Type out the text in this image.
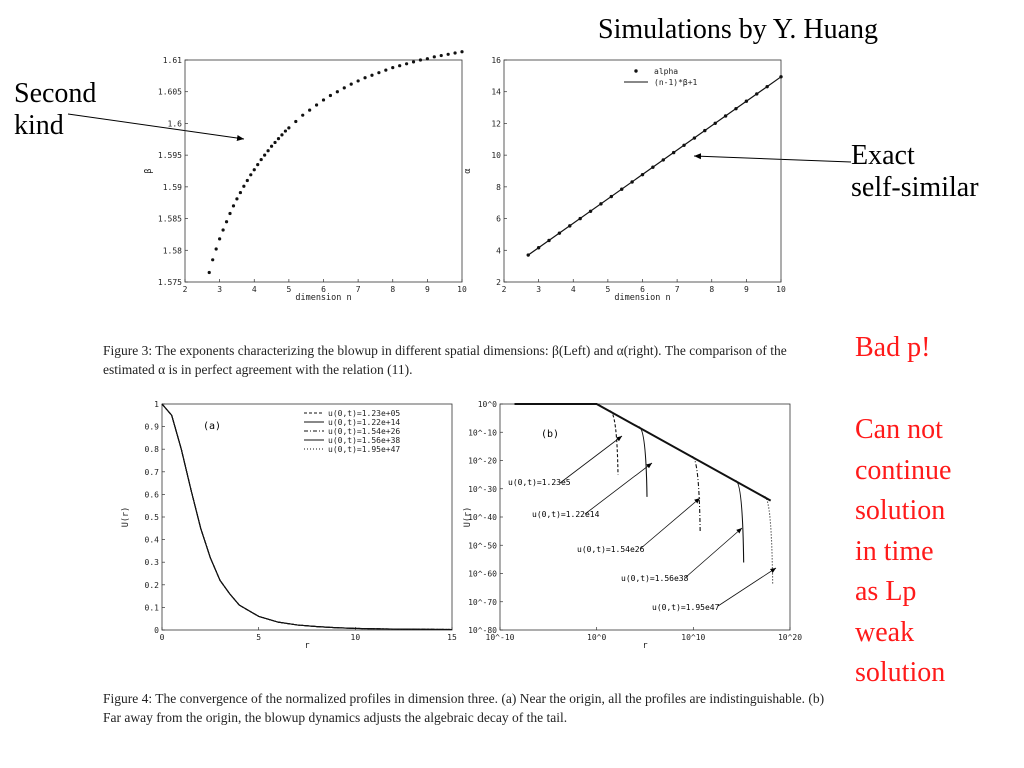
Simulations by Y. Huang
Second
kind
Exact
self-similar
Bad p!
Can not
continue
solution
in time
as Lp
weak
solution
Figure 3: The exponents characterizing the blowup in different spatial dimensions: β(Left) and α(right). The comparison of the estimated α is in perfect agreement with the relation (11).
Figure 4: The convergence of the normalized profiles in dimension three. (a) Near the origin, all the profiles are indistinguishable. (b) Far away from the origin, the blowup dynamics adjusts the algebraic decay of the tail.
2	3	4	5	6	7	8	9	10
1.575
1.58
1.585
1.59
1.595
1.6
1.605
1.61
dimension n
β
2	3	4	5	6	7	8	9	10
2
4
6
8
10
12
14
16
dimension n
α
alpha
(n-1)*β+1
0	5	10	15
0
0.1
0.2
0.3
0.4
0.5
0.6
0.7
0.8
0.9
1
r
U(r)
u(0,t)=1.23e+05
u(0,t)=1.22e+14
u(0,t)=1.54e+26
u(0,t)=1.56e+38
u(0,t)=1.95e+47
10^-10	10^0	10^10	10^20
10^0
10^-10
10^-20
10^-30
10^-40
10^-50
10^-60
10^-70
10^-80
r
U(r)
(a)
(b)
u(0,t)=1.23e5
u(0,t)=1.22e14
u(0,t)=1.54e26
u(0,t)=1.56e38
u(0,t)=1.95e47
